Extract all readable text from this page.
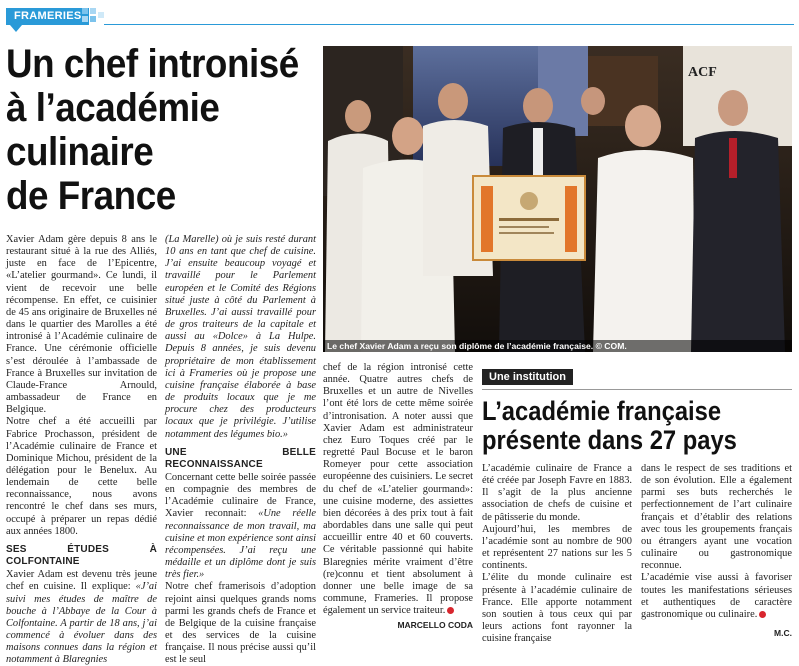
FRAMERIES
Un chef intronisé
à l’académie
culinaire
de France

Xavier Adam gère depuis 8 ans le restaurant situé à la rue des Alliés, juste en face de l’Epicentre, «L’atelier gourmand». Ce lundi, il vient de recevoir une belle récompense. En effet, ce cuisinier de 45 ans originaire de Bruxelles né dans le quartier des Marolles a été intronisé à l’Académie culinaire de France. Une cérémonie officielle s’est déroulée à l’ambassade de France à Bruxelles sur invitation de Claude-France Arnould, ambassadeur de France en Belgique.

Notre chef a été accueilli par Fabrice Prochasson, président de l’Académie culinaire de France et Dominique Michou, président de la délégation pour le Benelux. Au lendemain de cette belle reconnaissance, nous avons rencontré le chef dans ses murs, occupé à préparer un repas dédié aux années 1800.

SES ÉTUDES À COLFONTAINE

Xavier Adam est devenu très jeune chef en cuisine. Il explique: «J’ai suivi mes études de maître de bouche à l’Abbaye de la Cour à Colfontaine. A partir de 18 ans, j’ai commencé à évoluer dans des maisons connues dans la région et notamment à Blaregnies

(La Marelle) où je suis resté durant 10 ans en tant que chef de cuisine. J’ai ensuite beaucoup voyagé et travaillé pour le Parlement européen et le Comité des Régions situé juste à côté du Parlement à Bruxelles. J’ai aussi travaillé pour de gros traiteurs de la capitale et aussi au «Dolce» à La Hulpe. Depuis 8 années, je suis devenu propriétaire de mon établissement ici à Frameries où je propose une cuisine française élaborée à base de produits locaux que je me procure chez des producteurs locaux que je privilégie. J’utilise notamment des légumes bio.»

UNE BELLE RECONNAISSANCE

Concernant cette belle soirée passée en compagnie des membres de l’Académie culinaire de France, Xavier reconnait: «Une réelle reconnaissance de mon travail, ma cuisine et mon expérience sont ainsi récompensées. J’ai reçu une médaille et un diplôme dont je suis très fier.»

Notre chef framerisois d’adoption rejoint ainsi quelques grands noms parmi les grands chefs de France et de Belgique de la cuisine française et des services de la cuisine française. Il nous précise aussi qu’il est le seul

ACF
Le chef Xavier Adam a reçu son diplôme de l’académie française. © COM.

chef de la région intronisé cette année. Quatre autres chefs de Bruxelles et un autre de Nivelles l’ont été lors de cette même soirée d’intronisation. A noter aussi que Xavier Adam est administrateur chez Euro Toques créé par le regretté Paul Bocuse et le baron Romeyer pour cette association européenne des cuisiniers. Le secret du chef de «L’atelier gourmand»: une cuisine moderne, des assiettes bien décorées à des prix tout à fait abordables dans une salle qui peut accueillir entre 40 et 60 couverts. Ce véritable passionné qui habite Blaregnies mérite vraiment d’être (re)connu et tient absolument à donner une belle image de sa commune, Frameries. Il propose également un service traiteur.

MARCELLO CODA
Une institution
L’académie française
présente dans 27 pays

L’académie culinaire de France a été créée par Joseph Favre en 1883. Il s’agit de la plus ancienne association de chefs de cuisine et de pâtisserie du monde.

Aujourd’hui, les membres de l’académie sont au nombre de 900 et représentent 27 nations sur les 5 continents.

L’élite du monde culinaire est présente à l’académie culinaire de France. Elle apporte notamment son soutien à tous ceux qui par leurs actions font rayonner la cuisine française

dans le respect de ses traditions et de son évolution. Elle a également parmi ses buts recherchés le perfectionnement de l’art culinaire français et d’établir des relations avec tous les groupements français ou étrangers ayant une vocation culinaire ou gastronomique reconnue.

L’académie vise aussi à favoriser toutes les manifestations sérieuses et authentiques de caractère gastronomique ou culinaire.

M.C.
